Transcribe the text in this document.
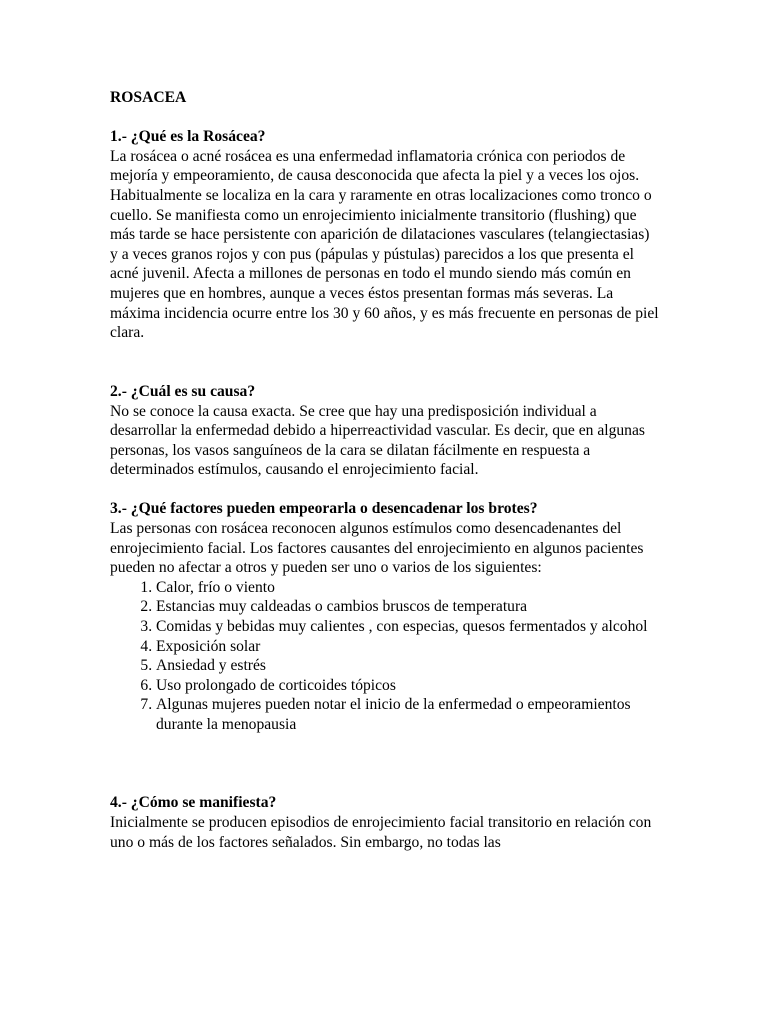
ROSACEA
1.- ¿Qué es la Rosácea?
La rosácea o acné rosácea es una enfermedad inflamatoria crónica con periodos de mejoría y empeoramiento, de causa desconocida que afecta la piel y a veces los ojos. Habitualmente se localiza en la cara y raramente en otras localizaciones como tronco o cuello. Se manifiesta como un enrojecimiento inicialmente transitorio (flushing) que más tarde se hace persistente con aparición de dilataciones vasculares (telangiectasias) y a veces granos rojos y con pus (pápulas y pústulas) parecidos a los que presenta el acné juvenil. Afecta a millones de personas en todo el mundo siendo más común en mujeres que en hombres, aunque a veces éstos presentan formas más severas. La máxima incidencia ocurre entre los 30 y 60 años, y es más frecuente en personas de piel clara.
2.- ¿Cuál es su causa?
No se conoce la causa exacta. Se cree que hay una predisposición individual a desarrollar la enfermedad debido a hiperreactividad vascular. Es decir, que en algunas personas, los vasos sanguíneos de la cara se dilatan fácilmente en respuesta a determinados estímulos, causando el enrojecimiento facial.
3.- ¿Qué factores pueden empeorarla o desencadenar los brotes?
Las personas con rosácea reconocen algunos estímulos como desencadenantes del enrojecimiento facial. Los factores causantes del enrojecimiento en algunos pacientes pueden no afectar a otros y pueden ser uno o varios de los siguientes:
1. Calor, frío o viento
2. Estancias muy caldeadas o cambios bruscos de temperatura
3. Comidas y bebidas muy calientes , con especias, quesos fermentados y alcohol
4. Exposición solar
5. Ansiedad y estrés
6. Uso prolongado de corticoides tópicos
7. Algunas mujeres pueden notar el inicio de la enfermedad o empeoramientos durante la menopausia
4.- ¿Cómo se manifiesta?
Inicialmente se producen episodios de enrojecimiento facial transitorio en relación con uno o más de los factores señalados. Sin embargo, no todas las
